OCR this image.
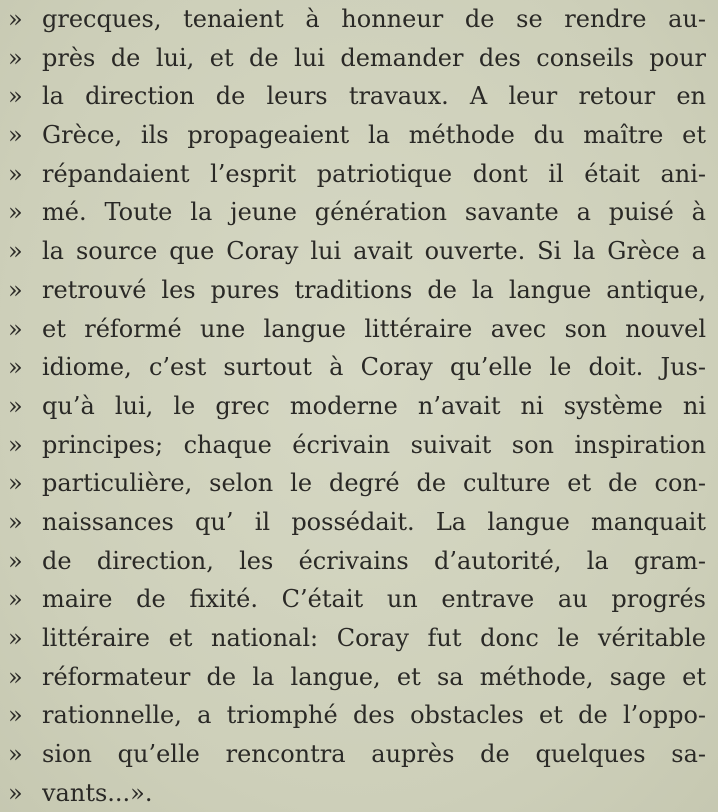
» grecques, tenaient à honneur de se rendre au-
» près de lui, et de lui demander des conseils pour
» la direction de leurs travaux. A leur retour en
» Grèce, ils propageaient la méthode du maître et
» répandaient l’esprit patriotique dont il était ani-
» mé. Toute la jeune génération savante a puisé à
» la source que Coray lui avait ouverte. Si la Grèce a
» retrouvé les pures traditions de la langue antique,
» et réformé une langue littéraire avec son nouvel
» idiome, c’est surtout à Coray qu’elle le doit. Jus-
» qu’à lui, le grec moderne n’avait ni système ni
» principes; chaque écrivain suivait son inspiration
» particulière, selon le degré de culture et de con-
» naissances qu’ il possédait. La langue manquait
» de direction, les écrivains d’autorité, la gram-
» maire de fixité. C’était un entrave au progrés
» littéraire et national: Coray fut donc le véritable
» réformateur de la langue, et sa méthode, sage et
» rationnelle, a triomphé des obstacles et de l’oppo-
» sion qu’elle rencontra auprès de quelques sa-
» vants...».
